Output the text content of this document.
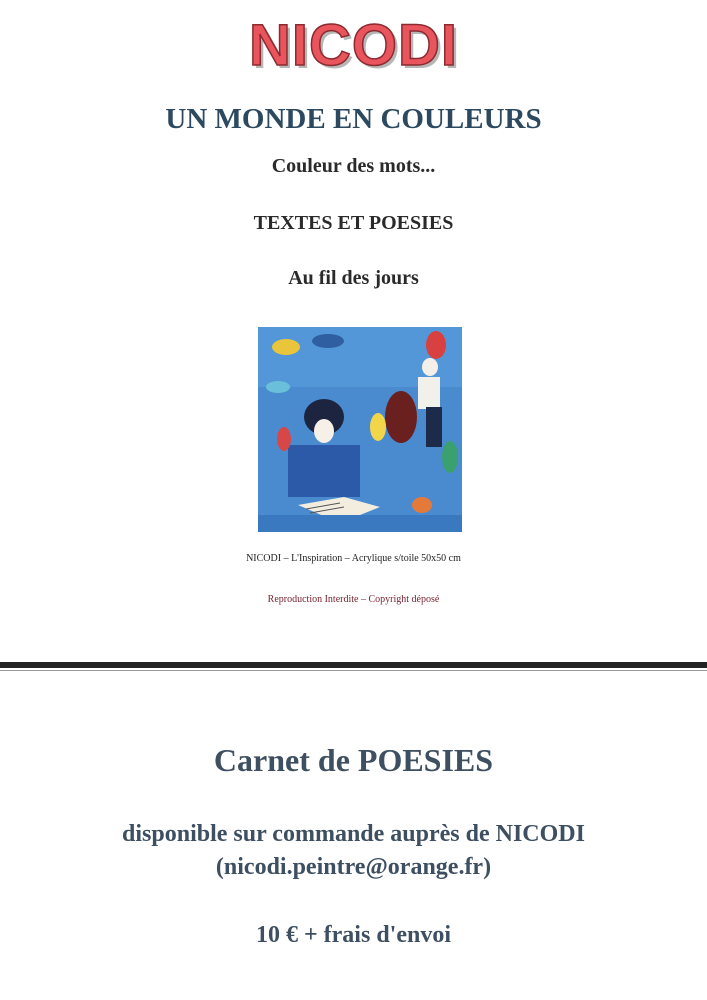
NICODI
UN MONDE EN COULEURS
Couleur des mots...
TEXTES ET POESIES
Au fil des jours
NICODI – L'Inspiration – Acrylique s/toile 50x50 cm
Reproduction Interdite – Copyright déposé
Carnet de POESIES
disponible sur commande auprès de NICODI
(nicodi.peintre@orange.fr)
10 € + frais d'envoi
